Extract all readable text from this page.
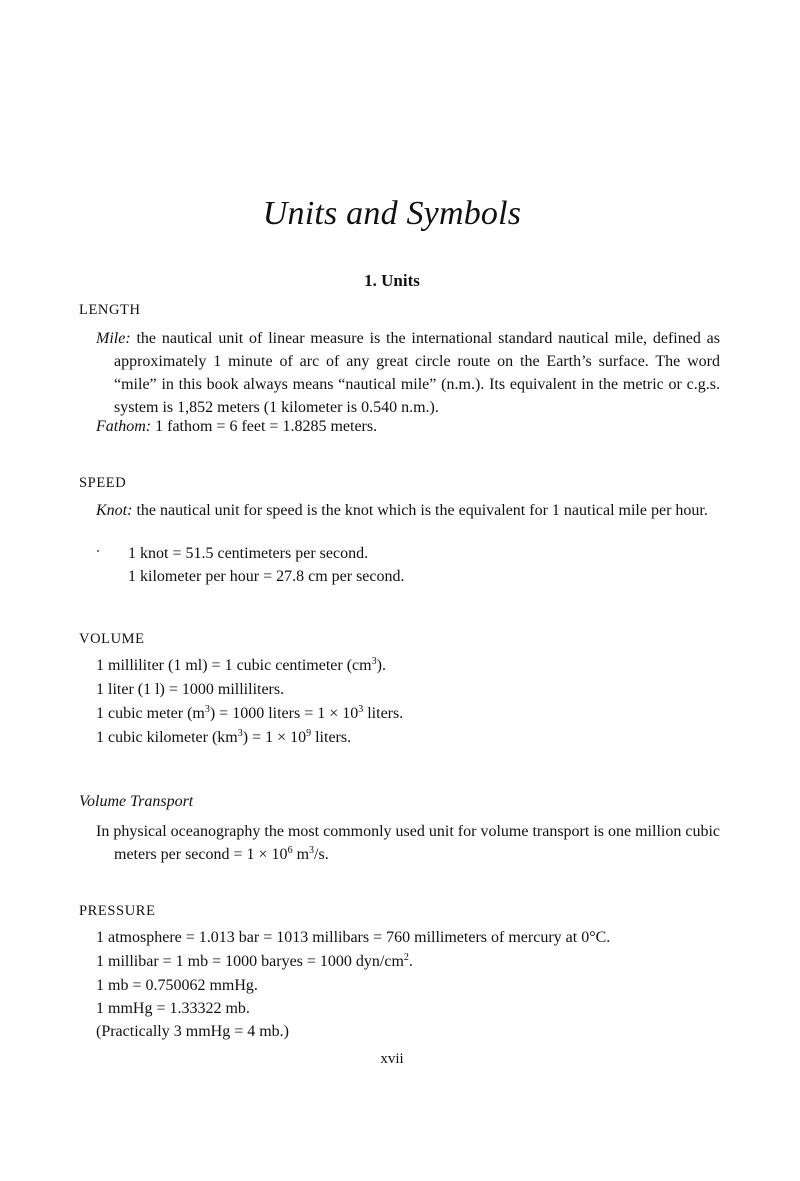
Units and Symbols
1. Units
LENGTH
Mile: the nautical unit of linear measure is the international standard nautical mile, defined as approximately 1 minute of arc of any great circle route on the Earth’s surface. The word “mile” in this book always means “nautical mile” (n.m.). Its equivalent in the metric or c.g.s. system is 1,852 meters (1 kilometer is 0.540 n.m.).
Fathom: 1 fathom = 6 feet = 1.8285 meters.
SPEED
Knot: the nautical unit for speed is the knot which is the equivalent for 1 nautical mile per hour.
1 knot = 51.5 centimeters per second.
1 kilometer per hour = 27.8 cm per second.
VOLUME
1 milliliter (1 ml) = 1 cubic centimeter $(cm^3)$.
1 liter (1 l) = 1000 milliliters.
1 cubic meter $(m^3) = 1000$ liters = $1 \times 10^3$ liters.
1 cubic kilometer $(km^3) = 1 \times 10^9$ liters.
Volume Transport
In physical oceanography the most commonly used unit for volume transport is one million cubic meters per second = $1 \times 10^6$ $m^3/s$.
PRESSURE
1 atmosphere = 1.013 bar = 1013 millibars = 760 millimeters of mercury at 0°C.
1 millibar = 1 mb = 1000 baryes = 1000 dyn/$cm^2$.
1 mb = 0.750062 mmHg.
1 mmHg = 1.33322 mb.
(Practically 3 mmHg = 4 mb.)
xvii
